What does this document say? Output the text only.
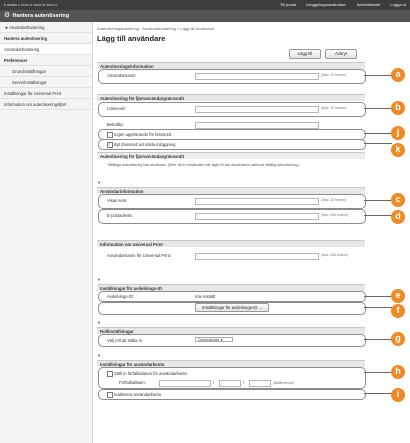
ᴇ ʀᴇᴍᴍ ᴀ xxxx ᴋ xxxx ᴍ xxxx ᴘ	Till portal	Inloggningsanvändare:	Administratör	Logga ut
⚙ Hantera autentisering
◄ Användarhantering
Hantera autentisering
Användarhantering
Preferenser
Grundinställningar
Serverinställningar
Inställningar för Universal Print
Information om autentiseringsfjärr
Autentiseringshantering : Användarhantering > Lägg till användare
Lägg till användare
Lägg till	Avbryt
Autentiseringsinformation
Användarnamn:	(Max. 32 tecken)
Autentisering för fjärranvändargränssnitt
Lösenord:	(Max. 32 tecken)
Bekräfta:
Ingen upphörande för lösenord
✓ Byt lösenord vid nästa inloggning
Autentisering för fjärranvändargränssnitt
Tillfälliga autentisering kan användas. (Efter att en användare har lagts till kan användaren aktivera tillfällig autentisering).
▼
Användarinformation
Visas som:	(Max. 32 tecken)
E-postadress:	(Max. 256 tecken)
Information om Universal Print
Användarnamn för Universal Print:	(Max. 256 tecken)
▼
Inställningar för avdelnings-ID
Avdelnings-ID:	Inte inställt
Inställningar för avdelnings-ID ...
▼
Rollinställningar
Välj roll att ställa in:	GeneralUser ▾
▼
Inställningar för användarkonto
Ställ in förfallodatum för användarkonto
Förfallodatum:	/	/	(åååå/mm/dd)
Inaktivera användarkonto
a
b
j
k
c
d
e
f
g
h
i
